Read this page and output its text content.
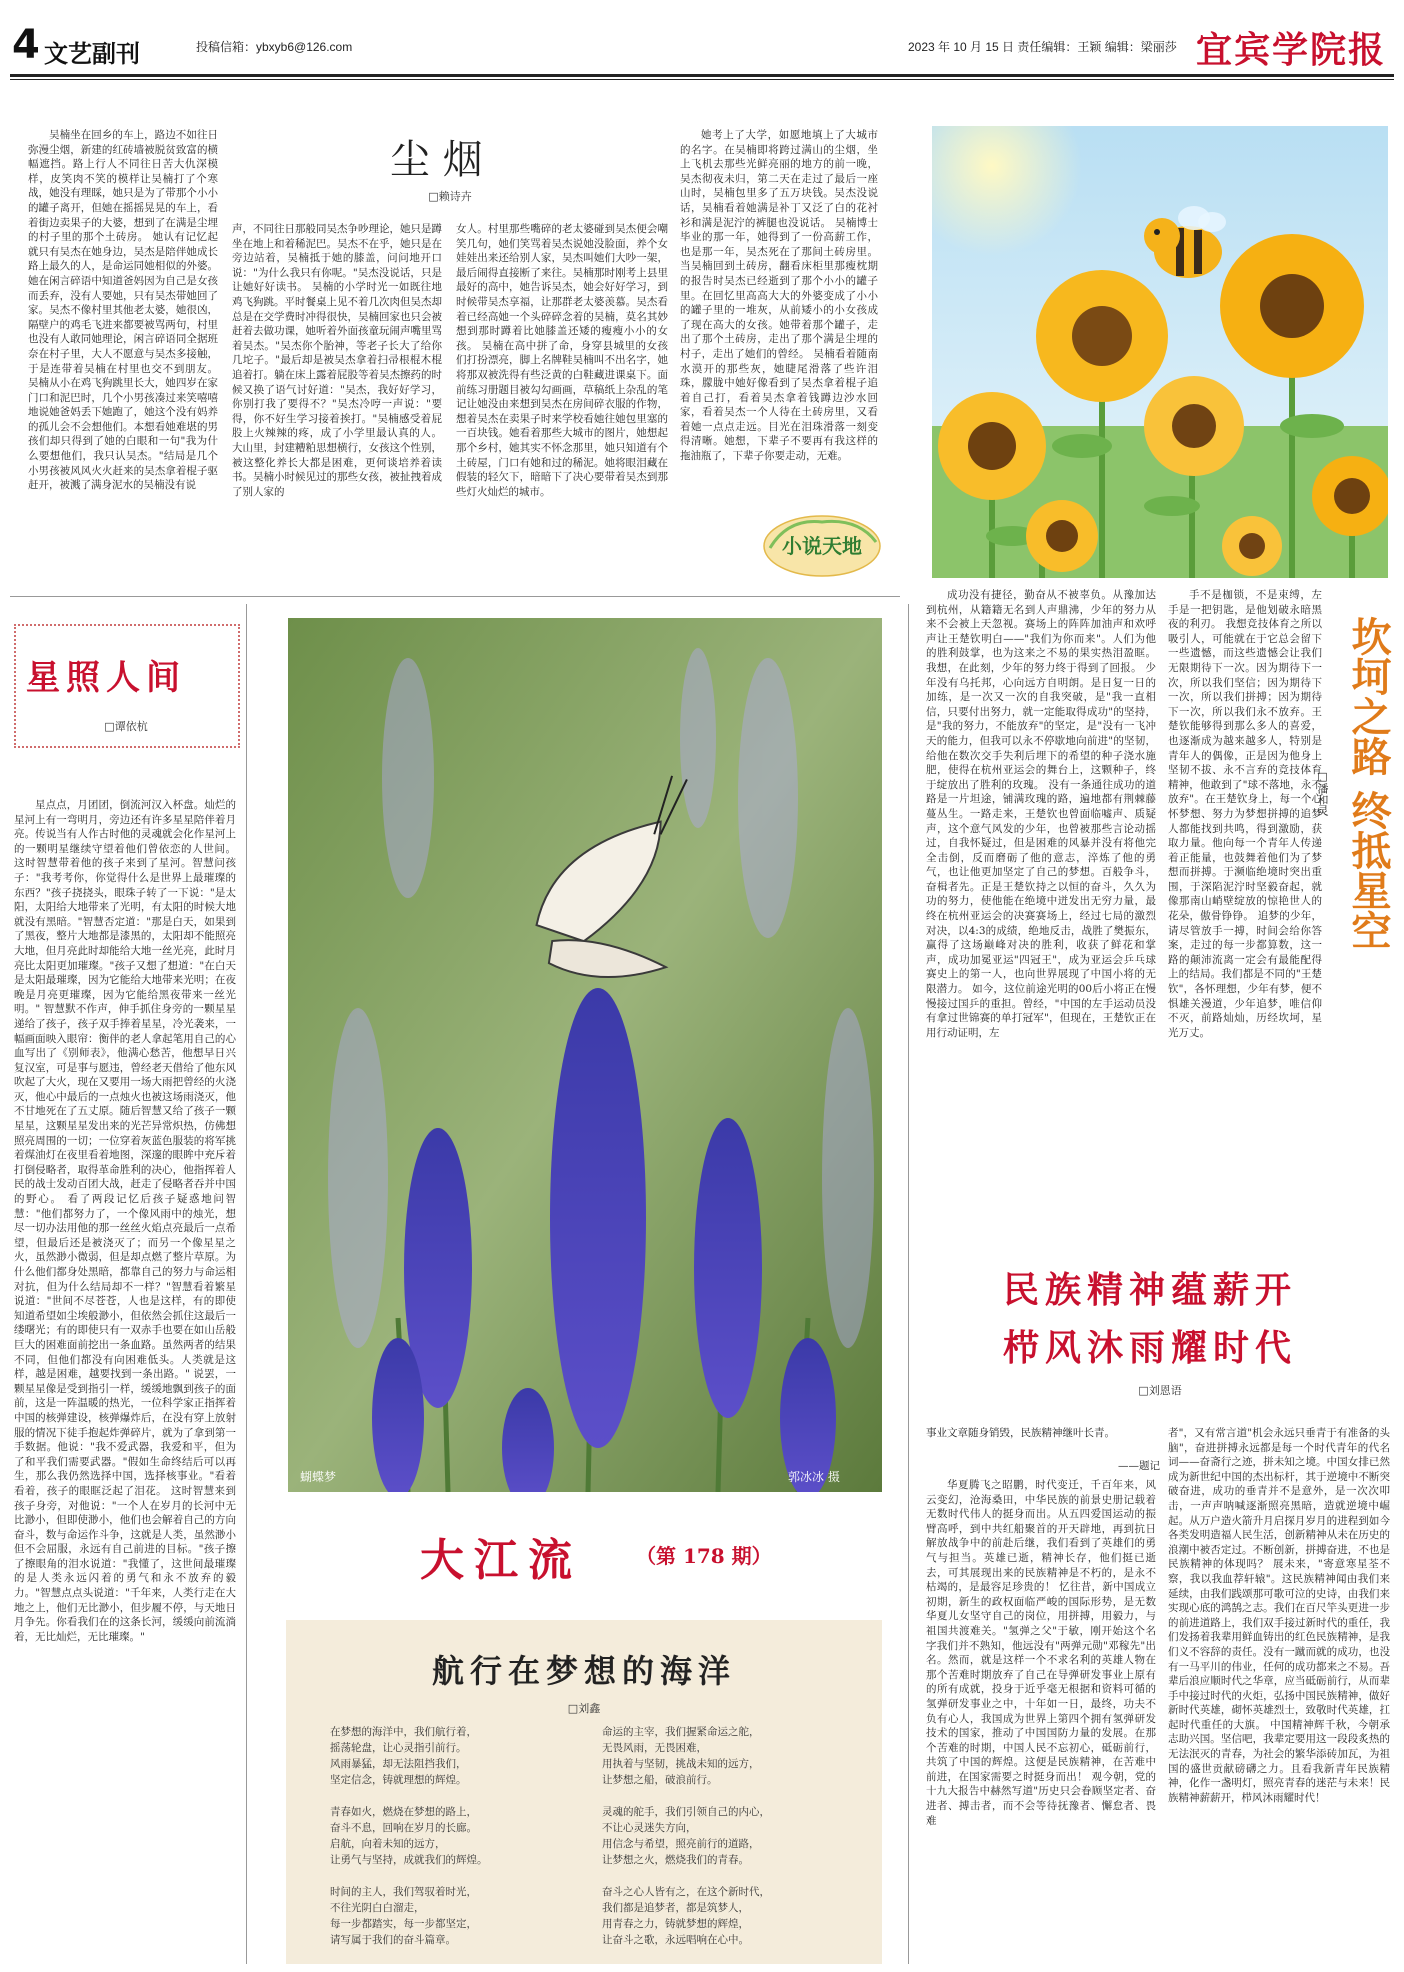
4 文艺副刊	投稿信箱：ybxyb6@126.com	2023 年 10 月 15 日 责任编辑：王颖 编辑：梁丽莎 宜宾学院报
尘 烟
□赖诗卉

吴楠坐在回乡的车上，路边不如往日弥漫尘烟，新建的红砖墙被脱贫致富的横幅遮挡。路上行人不同往日苦大仇深模样，皮笑肉不笑的模样让吴楠打了个寒战，她没有理睬，她只是为了带那个小小的罐子离开，但她在摇摇晃晃的车上，看着街边卖果子的大婆，想到了在满是尘埋的村子里的那个土砖房。 她认有记忆起就只有吴杰在她身边，吴杰是陪伴她成长路上最久的人，是命运同她相似的外婆。她在闲言碎语中知道爸妈因为自己是女孩而丢弃，没有人要她，只有吴杰带她回了家。吴杰不像村里其他老太婆，她很凶，隔壁户的鸡毛飞进来都要被骂两句，村里也没有人敢同她理论，闲言碎语同全据班奈在村子里，大人不愿意与吴杰多接触，于是连带着吴楠在村里也交不到朋友。 吴楠从小在鸡飞狗跳里长大，她四岁在家门口和泥巴时，几个小男孩凑过来笑嘻嘻地说她爸妈丢下她跑了，她这个没有妈养的孤儿会不会想他们。本想看她难堪的男孩们却只得到了她的白眼和一句"我为什么要想他们，我只认吴杰。"结局是几个小男孩被风风火火赶来的吴杰拿着棍子驱赶开，被溅了满身泥水的吴楠没有说

声，不同往日那般同吴杰争吵理论，她只是蹲坐在地上和着稀泥巴。吴杰不在乎，她只是在旁边站着，吴楠抵于她的膝盖，问问地开口说："为什么我只有你呢。"吴杰没说话，只是让她好好读书。 吴楠的小学时光一如既往地鸡飞狗跳。平时餐桌上见不着几次肉但吴杰却总是在交学费时冲得很快，吴楠回家也只会被赶着去做功课，她听着外面孩童玩闹声嘴里骂着吴杰。"吴杰你个胎神，等老子长大了给你几坨子。"最后却是被吴杰拿着扫帚根棍木棍追着打。躺在床上露着屁股等着吴杰擦药的时候又换了语气讨好道："吴杰，我好好学习，你别打我了要得不？"吴杰冷哼一声说："要得，你不好生学习接着挨打。"吴楠感受着屁股上火辣辣的疼，成了小学里最认真的人。 大山里，封建糟粕思想横行，女孩这个性别，被这整化养长大都是困难，更何谈培养着读书。吴楠小时候见过的那些女孩，被扯拽着成了别人家的

女人。村里那些嘴碎的老太婆碰到吴杰便会嘲笑几句，她们笑骂着吴杰说她没脸面，养个女娃娃出来还给别人家，吴杰叫她们大吵一架，最后闹得直接断了来往。吴楠那时刚考上县里最好的高中，她告诉吴杰，她会好好学习，到时候带吴杰享福，让那群老太婆羡慕。吴杰看着已经高她一个头碎碎念着的吴楠，莫名其妙想到那时蹲着比她膝盖还矮的瘦瘦小小的女孩。 吴楠在高中拼了命，身穿县城里的女孩们打扮漂亮，脚上名牌鞋吴楠叫不出名字，她将那双被洗得有些泛黄的白鞋藏进课桌下。面前练习册题目被勾勾画画，草稿纸上杂乱的笔记让她没由来想到吴杰在房间碎衣服的作物，想着吴杰在卖果子时来学校看她往她包里塞的一百块钱。她看着那些大城市的图片，她想起那个乡村，她其实不怀念那里，她只知道有个土砖屋，门口有她和过的稀泥。她将眼泪藏在假装的轻欠下，暗暗下了决心要带着吴杰到那些灯火灿烂的城市。

她考上了大学，如愿地填上了大城市的名字。在吴楠即将跨过满山的尘烟，坐上飞机去那些光鲜亮丽的地方的前一晚，吴杰彻夜未归，第二天在走过了最后一座山时，吴楠包里多了五万块钱。吴杰没说话，吴楠看着她满是补丁又泛了白的花衬衫和满是泥泞的裤腿也没说话。 吴楠博士毕业的那一年，她得到了一份高薪工作，也是那一年，吴杰死在了那间土砖房里。当吴楠回到土砖房，翻看床柜里那瘦枕期的报告时吴杰已经逝到了那个小小的罐子里。在回忆里高高大大的外婆变成了小小的罐子里的一堆灰，从前矮小的小女孩成了现在高大的女孩。她带着那个罐子，走出了那个土砖房，走出了那个满是尘埋的村子，走出了她们的曾经。 吴楠看着随南水漠开的那些灰，她睫尾滑落了些许泪珠，朦胧中她好像看到了吴杰拿着棍子追着自己打，看着吴杰拿着钱蹲边沙水回家，看着吴杰一个人待在土砖房里，又看着她一点点走远。目光在泪珠滑落一刻变得清晰。她想，下辈子不要再有我这样的拖油瓶了，下辈子你要走动，无难。

小说天地
星照人间
□谭依杭

星点点，月团团，倒流河汉入杯盘。灿烂的星河上有一弯明月，旁边还有许多星星陪伴着月亮。传说当有人作古时他的灵魂就会化作星河上的一颗明星继续守望着他们曾依恋的人世间。 这时智慧带着他的孩子来到了星河。智慧问孩子："我考考你，你觉得什么是世界上最璀璨的东西？"孩子挠挠头，眼珠子转了一下说："是太阳，太阳给大地带来了光明，有太阳的时候大地就没有黑暗。"智慧否定道："那是白天，如果到了黑夜，整片大地都是漆黑的，太阳却不能照亮大地，但月亮此时却能给大地一丝光亮，此时月亮比太阳更加璀璨。"孩子又想了想道："在白天是太阳最璀璨，因为它能给大地带来光明；在夜晚是月亮更璀璨，因为它能给黑夜带来一丝光明。" 智慧默不作声，伸手抓住身旁的一颗星星递给了孩子，孩子双手捧着星星，冷光袭来，一幅画面映入眼帘：衡伴的老人拿起笔用自己的心血写出了《别师表》，他满心愁苦，他想早日兴复汉室，可是事与愿违，曾经老天借给了他东风吹起了大火，现在又要用一场大雨把曾经的火浇灭，他心中最后的一点烛火也被这场雨浇灭，他不甘地死在了五丈原。随后智慧又给了孩子一颗星星，这颗星星发出来的光芒异常炽热，仿佛想照亮周围的一切；一位穿着灰蓝色服装的将军挑着煤油灯在夜里看着地图，深邃的眼眸中充斥着打倒侵略者，取得革命胜利的决心，他指挥着人民的战士发动百团大战，赶走了侵略者吞并中国的野心。 看了两段记忆后孩子疑惑地问智慧："他们都努力了，一个像风雨中的烛光，想尽一切办法用他的那一丝丝火焰点亮最后一点希望，但最后还是被浇灭了；而另一个像星星之火，虽然渺小微弱，但是却点燃了整片草原。为什么他们都身处黑暗，都靠自己的努力与命运相对抗，但为什么结局却不一样？"智慧看着繁星说道："世间不尽苍苍，人也是这样，有的即使知道希望如尘埃般渺小，但依然会抓住这最后一缕曙光；有的即使只有一双赤手也要在如山岳般巨大的困难面前挖出一条血路。虽然两者的结果不同，但他们都没有向困难低头。人类就是这样，越是困难，越要找到一条出路。" 说罢，一颗星星像是受到指引一样，缓缓地飘到孩子的面前，这是一阵温暖的热光，一位科学家正指挥着中国的核弹建设，核弹爆炸后，在没有穿上放射服的情况下徒手抱起炸弹碎片，就为了拿到第一手数据。他说："我不爱武器，我爱和平，但为了和平我们需要武器。"假如生命终结后可以再生，那么我仍然选择中国，选择核事业。"看着看着，孩子的眼眶泛起了泪花。 这时智慧来到孩子身旁，对他说："一个人在岁月的长河中无比渺小，但即使渺小，他们也会解着自己的方向奋斗，数与命运作斗争，这就是人类，虽然渺小但不会屈服，永远有自己前进的目标。"孩子擦了擦眼角的泪水说道："我懂了，这世间最璀璨的是人类永远闪着的勇气和永不放弃的毅力。"智慧点点头说道："千年来，人类行走在大地之上，他们无比渺小，但步履不停，与天地日月争先。你看我们在的这条长河，缓缓向前流淌着，无比灿烂，无比璀璨。"

蝴蝶梦	郭冰冰 摄
大江流	（第 178 期）
航行在梦想的海洋
□刘鑫
在梦想的海洋中，我们航行着，
摇荡轮盘，让心灵指引前行。
风雨暴猛，却无法阻挡我们，
坚定信念，铸就理想的辉煌。
青春如火，燃烧在梦想的路上，
奋斗不息，回响在岁月的长廊。
启航，向着未知的远方，
让勇气与坚持，成就我们的辉煌。
时间的主人，我们驾驭着时光，
不往光阴白白溜走，
每一步都踏实，每一步都坚定，
请写属于我们的奋斗篇章。
命运的主宰，我们握紧命运之舵，
无畏风雨，无畏困难，
用执着与坚韧，挑战未知的远方，
让梦想之船，破浪前行。
灵魂的舵手，我们引领自己的内心，
不让心灵迷失方向，
用信念与希望，照亮前行的道路，
让梦想之火，燃烧我们的青春。
奋斗之心人皆有之，在这个新时代，
我们都是追梦者，都是筑梦人，
用青春之力，铸就梦想的辉煌，
让奋斗之歌，永远唱响在心中。

成功没有捷径，勤奋从不被辜负。从豫加达到杭州，从籍籍无名到人声鼎沸，少年的努力从来不会被上天忽视。赛场上的阵阵加油声和欢呼声让王楚钦明白——"我们为你而来"。人们为他的胜利鼓掌，也为这来之不易的果实热泪盈眶。我想，在此刻，少年的努力终于得到了回报。 少年没有乌托邦，心向远方自明朗。是日复一日的加练，是一次又一次的自我突破，是"我一直相信，只要付出努力，就一定能取得成功"的坚持，是"我的努力，不能放弃"的坚定，是"没有一飞冲天的能力，但我可以永不停歇地向前进"的坚韧，给他在数次交手失利后埋下的希望的种子浇水施肥，使得在杭州亚运会的舞台上，这颗种子，终于绽放出了胜利的玫瑰。 没有一条通往成功的道路是一片坦途，铺满玫瑰的路，遍地都有荆棘藤蔓丛生。一路走来，王楚钦也曾面临嘘声、质疑声，这个意气风发的少年，也曾被那些言论动摇过，自我怀疑过，但是困难的风暴并没有将他完全击倒，反而磨砺了他的意志，淬炼了他的勇气，也让他更加坚定了自己的梦想。百般争斗，奋楫者先。正是王楚钦持之以恒的奋斗，久久为功的努力，使他能在绝境中迸发出无穷力量，最终在杭州亚运会的决赛赛场上，经过七局的激烈对决，以4:3的成绩，绝地反击，战胜了樊振东，赢得了这场巅峰对决的胜利，收获了鲜花和掌声，成功加冕亚运"四冠王"，成为亚运会乒乓球赛史上的第一人，也向世界展现了中国小将的无限潜力。 如今，这位前途光明的00后小将正在慢慢接过国乒的重担。曾经，"中国的左手运动员没有拿过世锦赛的单打冠军"，但现在，王楚钦正在用行动证明，左

手不是枷锁，不是束缚，左手是一把钥匙，是他划破永暗黑夜的利刃。 我想竞技体育之所以吸引人，可能就在于它总会留下一些遗憾，而这些遗憾会让我们无限期待下一次。因为期待下一次，所以我们坚信；因为期待下一次，所以我们拼搏；因为期待下一次，所以我们永不放弃。王楚钦能够得到那么多人的喜爱，也逐渐成为越来越多人，特别是青年人的偶像，正是因为他身上坚韧不拔、永不言弃的竞技体育精神，他敢到了"球不落地，永不放弃"。在王楚钦身上，每一个心怀梦想、努力为梦想拼搏的追梦人都能找到共鸣，得到激励，获取力量。他向每一个青年人传递着正能量，也鼓舞着他们为了梦想而拼搏。于濒临绝境时突出重围，于深陷泥泞时坚毅奋起，就像那南山峭壁绽放的惊艳世人的花朵，傲骨铮铮。 追梦的少年，请尽管放手一搏，时间会给你答案，走过的每一步都算数，这一路的颠沛流离一定会有最能配得上的结局。我们都是不同的"王楚钦"，各怀理想，少年有梦，便不惧雄关漫道，少年追梦，唯信仰不灭，前路灿灿，历经坎坷，星光万丈。

坎坷之路 终抵星空
□潘和灵
民族精神蕴薪开
栉风沐雨耀时代
□刘恩语
事业文章随身销毁，民族精神继叶长青。
——题记

华夏腾飞之昭鹏，时代变迁，千百年来，风云变幻，沧海桑田，中华民族的前景史册记载着无数时代伟人的挺身而出。从五四爱国运动的振臂高呼，到中共红船聚首的开天辟地，再到抗日解放战争中的前赴后继，我们看到了英雄们的勇气与担当。英雄已逝，精神长存，他们挺已逝去，可其展现出来的民族精神是不朽的，是永不枯竭的，是最容足珍贵的！ 忆往昔，新中国成立初期，新生的政权面临严峻的国际形势，是无数华夏儿女坚守自己的岗位，用拼搏，用毅力，与祖国共渡难关。"氢弹之父"于敏，刚开始这个名字我们并不熟知，他远没有"两弹元勋"邓稼先"出名。然而，就是这样一个不求名利的英雄人物在那个苦难时期放弃了自己在导弹研发事业上原有的所有成就，投身于近乎毫无根据和资料可循的氢弹研发事业之中，十年如一日，最终，功夫不负有心人，我国成为世界上第四个拥有氢弹研发技术的国家，推动了中国国防力量的发展。在那个苦难的时期，中国人民不忘初心，砥砺前行，共筑了中国的辉煌。这便是民族精神，在苦难中前进，在国家需要之时挺身而出！ 观今朝，党的十九大报告中赫然写道"历史只会眷顾坚定者、奋进者、搏击者，而不会等待抚豫者、懈怠者、畏难

者"，又有常言道"机会永远只垂青于有准备的头脑"，奋进拼搏永远都是每一个时代青年的代名词——奋斋行之迹，拼未知之境。中国女排已然成为新世纪中国的杰出标杆，其于逆境中不断突破奋进，成功的垂青并不是意外，是一次次叩击，一声声呐喊逐渐照亮黑暗，造就逆境中崛起。从万户造火箭升月启探月岁月的进程到如今各类发明造福人民生活，创新精神从未在历史的浪潮中被否定过。不断创新，拼搏奋进，不也是民族精神的体现吗？ 展未来，"寄意寒星荃不察，我以我血荐轩辕"。这民族精神闻由我们来延续，由我们践颂那可歌可泣的史诗，由我们来实现心底的鸿鹄之志。我们在百尺竿头更进一步的前进道路上，我们双手接过新时代的重任，我们发扬着我辈用鲜血铸出的红色民族精神，是我们义不容辞的责任。没有一蹴而就的成功，也没有一马平川的伟业，任何的成功都来之不易。吾辈后浪应顺时代之华章，应当砥砺前行，从而辈手中接过时代的火炬，弘扬中国民族精神，做好新时代英雄，砌怀英雄烈士，致敬时代英雄，扛起时代重任的大旗。 中国精神辉千秋，今朝承志助兴国。坚信吧，我辈定要用这一段段炙热的无法泯灭的青春，为社会的繁华添砖加瓦，为祖国的盛世贡献磅礴之力。且看我新青年民族精神，化作一盏明灯，照亮青春的迷茫与未来！民族精神薪薪开，栉风沐雨耀时代！
